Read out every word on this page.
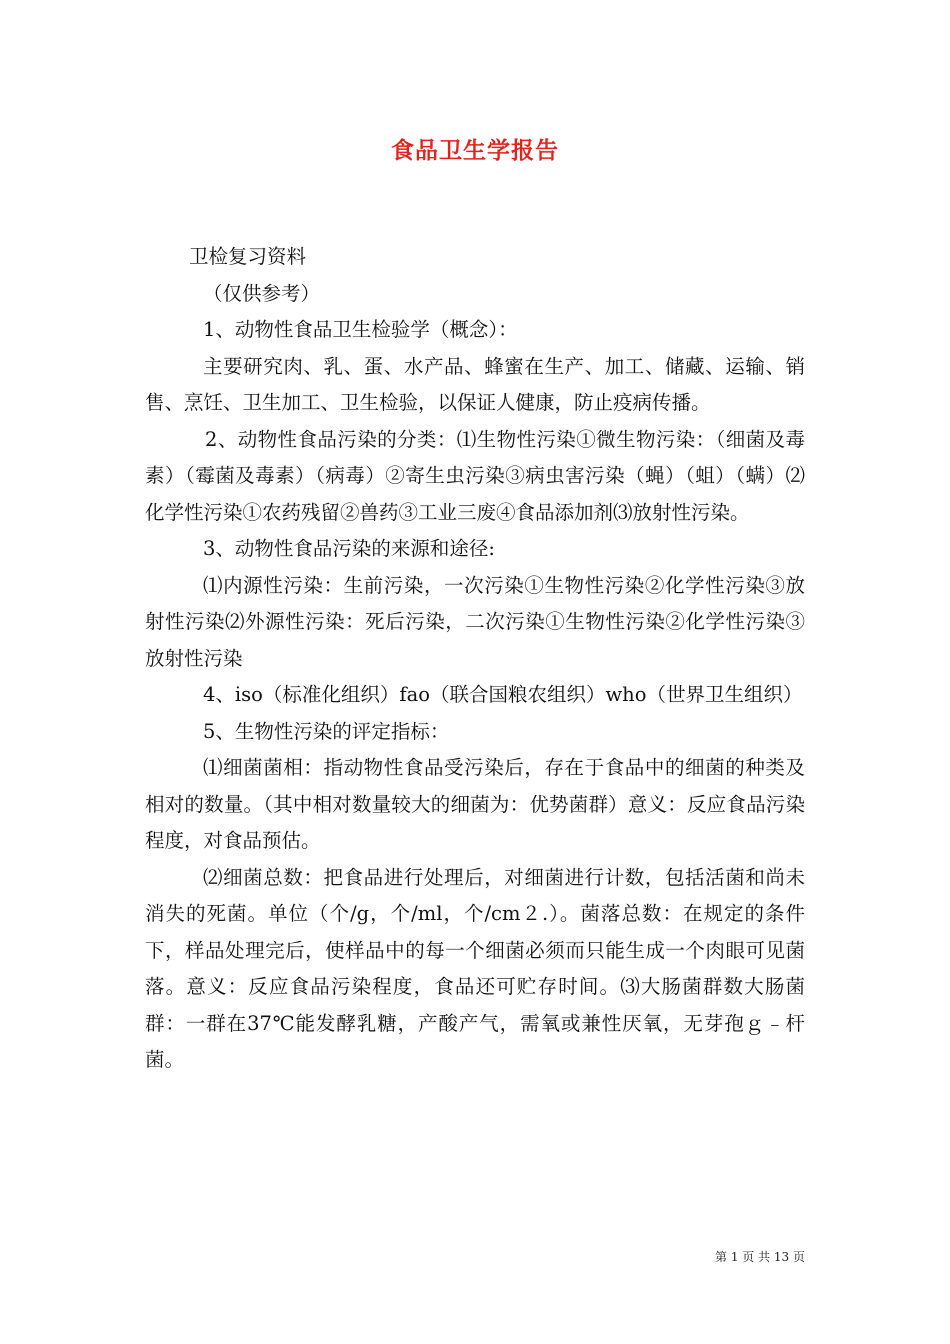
食品卫生学报告

卫检复习资料

（仅供参考）

1、动物性食品卫生检验学（概念）：

主要研究肉、乳、蛋、水产品、蜂蜜在生产、加工、储藏、运输、销售、烹饪、卫生加工、卫生检验，以保证人健康，防止疫病传播。

2、动物性食品污染的分类：⑴生物性污染①微生物污染：（细菌及毒素）（霉菌及毒素）（病毒）②寄生虫污染③病虫害污染（蝇）（蛆）（螨）⑵化学性污染①农药残留②兽药③工业三废④食品添加剂⑶放射性污染。

3、动物性食品污染的来源和途径:

⑴内源性污染：生前污染，一次污染①生物性污染②化学性污染③放射性污染⑵外源性污染：死后污染，二次污染①生物性污染②化学性污染③放射性污染

4、iso（标准化组织）fao（联合国粮农组织）who（世界卫生组织）

5、生物性污染的评定指标：

⑴细菌菌相：指动物性食品受污染后，存在于食品中的细菌的种类及相对的数量。（其中相对数量较大的细菌为：优势菌群）意义：反应食品污染程度，对食品预估。

⑵细菌总数：把食品进行处理后，对细菌进行计数，包括活菌和尚未消失的死菌。单位（个/g，个/ml，个/cm２.）。菌落总数：在规定的条件下，样品处理完后，使样品中的每一个细菌必须而只能生成一个肉眼可见菌落。意义：反应食品污染程度，食品还可贮存时间。⑶大肠菌群数大肠菌群：一群在37℃能发酵乳糖，产酸产气，需氧或兼性厌氧，无芽孢ｇ﹣杆菌。

第 1 页 共 13 页
